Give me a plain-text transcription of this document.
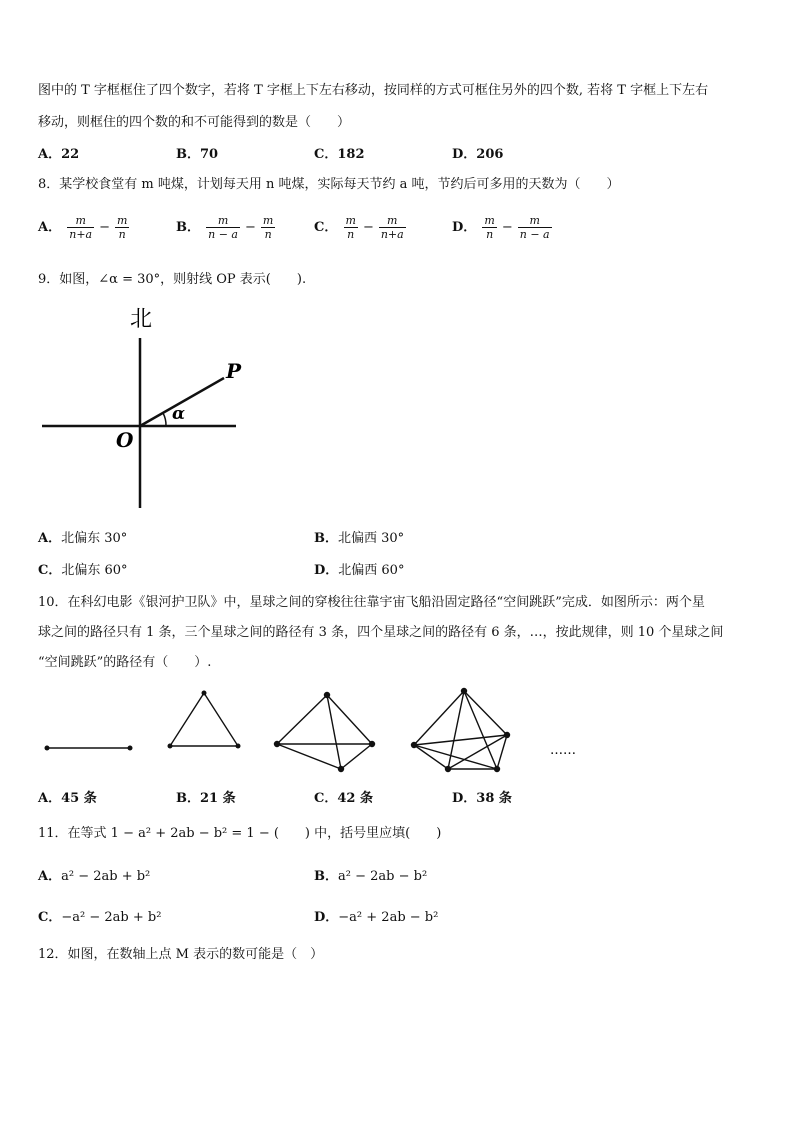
图中的 T 字框框住了四个数字，若将 T 字框上下左右移动，按同样的方式可框住另外的四个数, 若将 T 字框上下左右
移动，则框住的四个数的和不可能得到的数是（　　）
A．22	B．70	C．182	D．206
8．某学校食堂有 m 吨煤，计划每天用 n 吨煤，实际每天节约 a 吨，节约后可多用的天数为（　　）
A． $\frac{m}{n+a} - \frac{m}{n}$	B． $\frac{m}{n - a} - \frac{m}{n}$	C． $\frac{m}{n} - \frac{m}{n+a}$	D． $\frac{m}{n} - \frac{m}{n - a}$
9．如图，∠α = 30°，则射线 OP 表示(　　).
北
α
P
O
A．北偏东 30°	B．北偏西 30°
C．北偏东 60°	D．北偏西 60°
10．在科幻电影《银河护卫队》中，星球之间的穿梭往往靠宇宙飞船沿固定路径“空间跳跃”完成．如图所示：两个星
球之间的路径只有 1 条，三个星球之间的路径有 3 条，四个星球之间的路径有 6 条，…，按此规律，则 10 个星球之间
“空间跳跃”的路径有（　　）.
……
A．45 条	B．21 条	C．42 条	D．38 条
11．在等式 1 − a² + 2ab − b² = 1 − (　　) 中，括号里应填(　　)
A．a² − 2ab + b²	B．a² − 2ab − b²
C．−a² − 2ab + b²	D．−a² + 2ab − b²
12．如图，在数轴上点 M 表示的数可能是（　）
